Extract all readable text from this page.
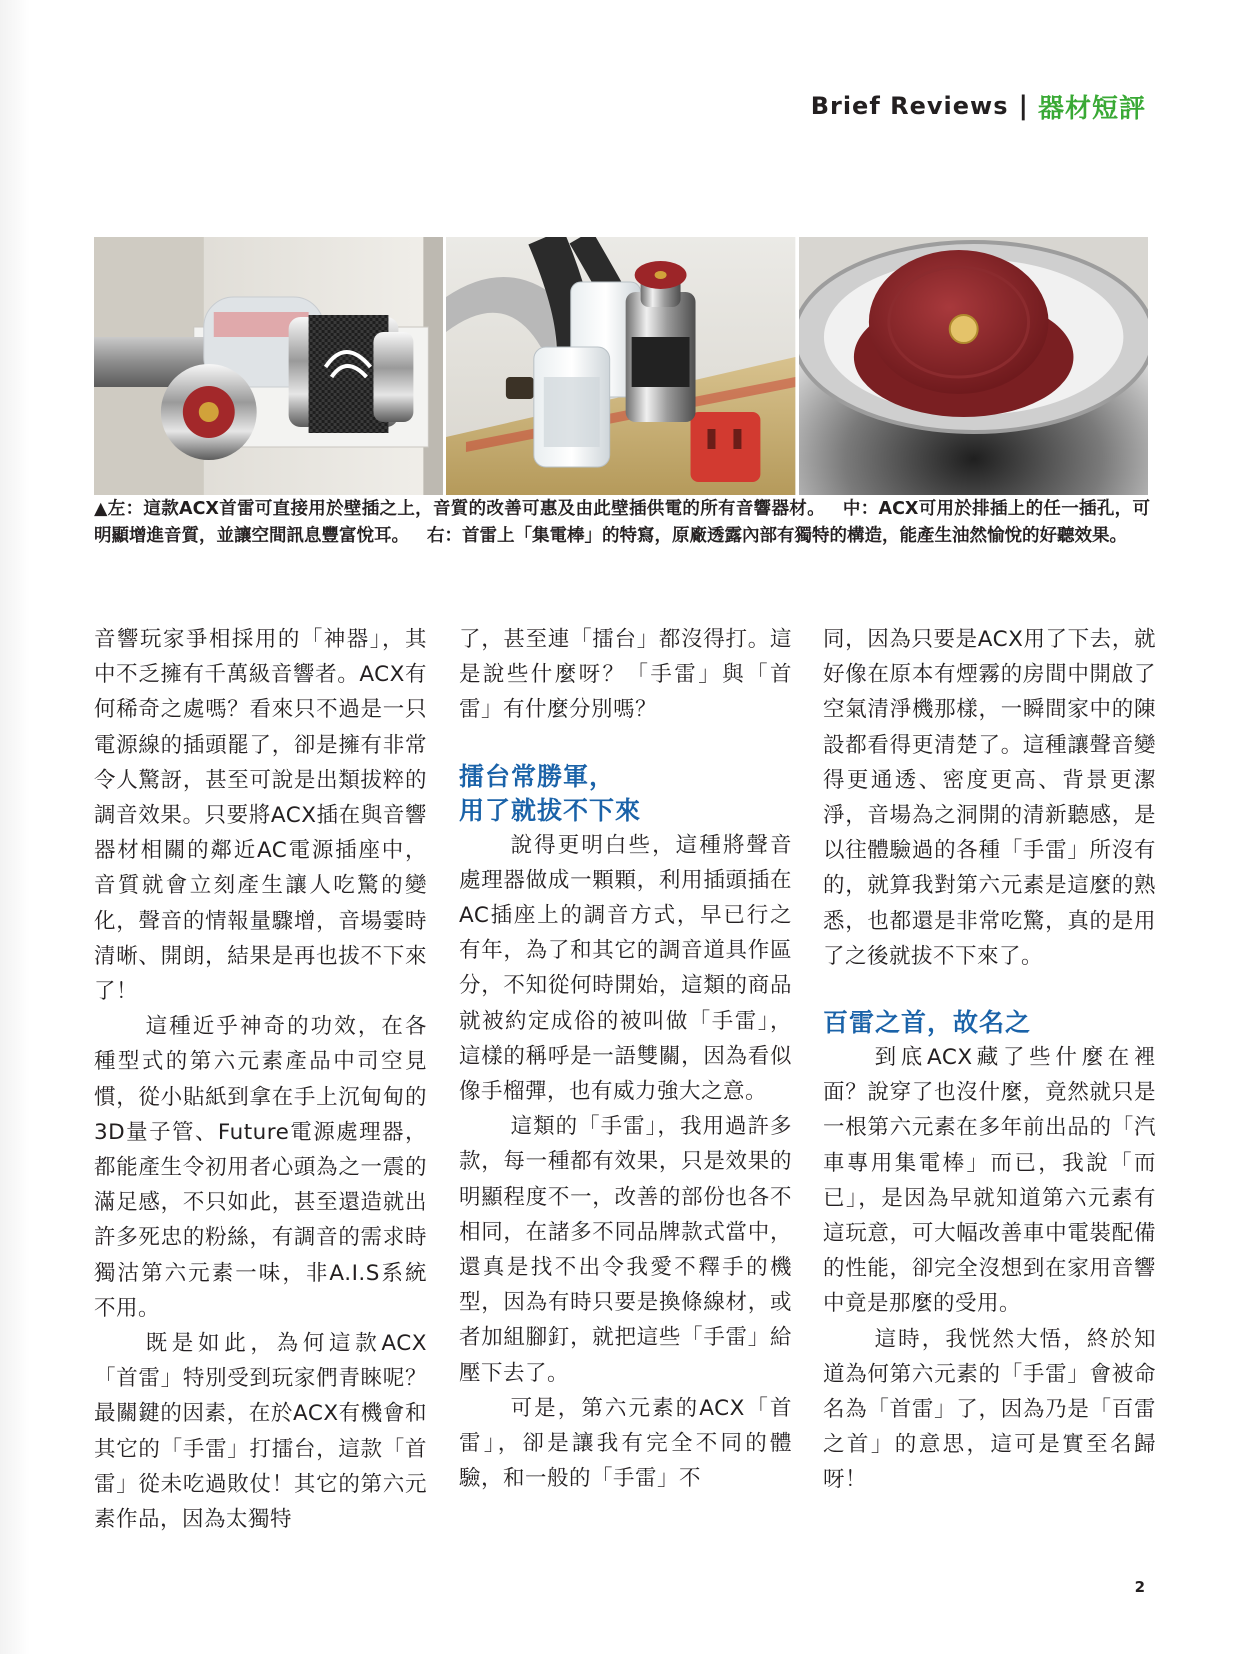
Brief Reviews | 器材短評
▲左：這款ACX首雷可直接用於壁插之上，音質的改善可惠及由此壁插供電的所有音響器材。 中：ACX可用於排插上的任一插孔，可明顯增進音質，並讓空間訊息豐富悅耳。 右：首雷上「集電棒」的特寫，原廠透露內部有獨特的構造，能產生油然愉悅的好聽效果。

音響玩家爭相採用的「神器」，其中不乏擁有千萬級音響者。ACX有何稀奇之處嗎？看來只不過是一只電源線的插頭罷了，卻是擁有非常令人驚訝，甚至可說是出類拔粹的調音效果。只要將ACX插在與音響器材相關的鄰近AC電源插座中，音質就會立刻產生讓人吃驚的變化，聲音的情報量驟增，音場霎時清晰、開朗，結果是再也拔不下來了！

這種近乎神奇的功效，在各種型式的第六元素產品中司空見慣，從小貼紙到拿在手上沉甸甸的3D量子管、Future電源處理器，都能產生令初用者心頭為之一震的滿足感，不只如此，甚至還造就出許多死忠的粉絲，有調音的需求時獨沽第六元素一味，非A.I.S系統不用。

既是如此，為何這款ACX「首雷」特別受到玩家們青睞呢？最關鍵的因素，在於ACX有機會和其它的「手雷」打擂台，這款「首雷」從未吃過敗仗！其它的第六元素作品，因為太獨特

了，甚至連「擂台」都沒得打。這是說些什麼呀？「手雷」與「首雷」有什麼分別嗎？

擂台常勝軍，
用了就拔不下來

說得更明白些，這種將聲音處理器做成一顆顆，利用插頭插在AC插座上的調音方式，早已行之有年，為了和其它的調音道具作區分，不知從何時開始，這類的商品就被約定成俗的被叫做「手雷」，這樣的稱呼是一語雙關，因為看似像手榴彈，也有威力強大之意。

這類的「手雷」，我用過許多款，每一種都有效果，只是效果的明顯程度不一，改善的部份也各不相同，在諸多不同品牌款式當中，還真是找不出令我愛不釋手的機型，因為有時只要是換條線材，或者加組腳釘，就把這些「手雷」給壓下去了。

可是，第六元素的ACX「首雷」，卻是讓我有完全不同的體驗，和一般的「手雷」不

同，因為只要是ACX用了下去，就好像在原本有煙霧的房間中開啟了空氣清淨機那樣，一瞬間家中的陳設都看得更清楚了。這種讓聲音變得更通透、密度更高、背景更潔淨，音場為之洞開的清新聽感，是以往體驗過的各種「手雷」所沒有的，就算我對第六元素是這麼的熟悉，也都還是非常吃驚，真的是用了之後就拔不下來了。

百雷之首，故名之

到底ACX藏了些什麼在裡面？說穿了也沒什麼，竟然就只是一根第六元素在多年前出品的「汽車專用集電棒」而已，我說「而已」，是因為早就知道第六元素有這玩意，可大幅改善車中電裝配備的性能，卻完全沒想到在家用音響中竟是那麼的受用。

這時，我恍然大悟，終於知道為何第六元素的「手雷」會被命名為「首雷」了，因為乃是「百雷之首」的意思，這可是實至名歸呀！

2
